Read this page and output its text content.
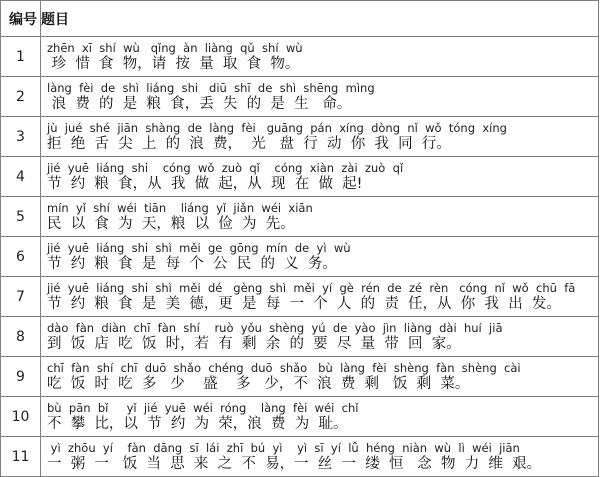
编号	题目
1	zhēn  xī  shí  wù   qǐng  àn  liàng  qǔ  shí  wù
珍  惜  食  物，请  按  量  取  食  物。

2	làng  fèi  de  shì  liáng  shi   diū  shī  de  shì  shēng  mìng
浪  费  的  是  粮  食，丢  失  的  是  生   命。

3	jù  jué  shé  jiān  shàng  de  làng  fèi   guāng  pán  xíng  dòng  nǐ  wǒ  tóng  xíng
拒  绝  舌  尖  上  的  浪  费，  光   盘  行  动  你  我  同  行。

4	jié  yuē  liáng  shi    cóng  wǒ  zuò  qǐ    cóng  xiàn  zài  zuò  qǐ
节  约  粮  食，从  我  做  起，从  现  在  做  起!

5	mín  yǐ  shí  wéi  tiān    liáng  yǐ  jiǎn  wéi  xiān
民  以  食  为  天，粮  以  俭  为  先。

6	jié  yuē  liáng  shi  shì  měi  ge  gōng  mín  de  yì  wù
节  约  粮  食  是  每  个  公  民  的  义  务。

7	jié  yuē  liáng  shi  shì  měi  dé   gèng  shì  měi  yí  gè  rén  de  zé  rèn   cóng  nǐ  wǒ  chū  fā
节  约  粮  食  是  美  德，更  是  每  一  个  人  的  责  任，从  你  我  出  发。

8	dào  fàn  diàn  chī  fàn  shí    ruò  yǒu  shèng  yú  de  yào  jìn  liàng  dài  huí  jiā
到  饭  店  吃  饭  时，若  有  剩  余  的  要  尽  量  带  回  家。

9	chī  fàn  shí  chī  duō  shǎo  chéng  duō  shǎo   bù  làng  fèi  shèng  fàn  shèng  cài
吃  饭  时  吃  多   少    盛    多   少，不  浪  费  剩   饭  剩  菜。

10	bù  pān  bǐ     yǐ  jié  yuē  wéi  róng    làng  fèi  wéi  chǐ
不  攀  比，以  节  约  为  荣，浪  费  为  耻。

11	yì  zhōu  yí    fàn  dāng  sī  lái  zhī  bú  yì    yì  sī  yí  lǚ  héng  niàn  wù  lì  wéi  jiān
一  粥  一   饭  当  思  来  之  不  易，一  丝  一  缕  恒   念  物  力  维  艰。
